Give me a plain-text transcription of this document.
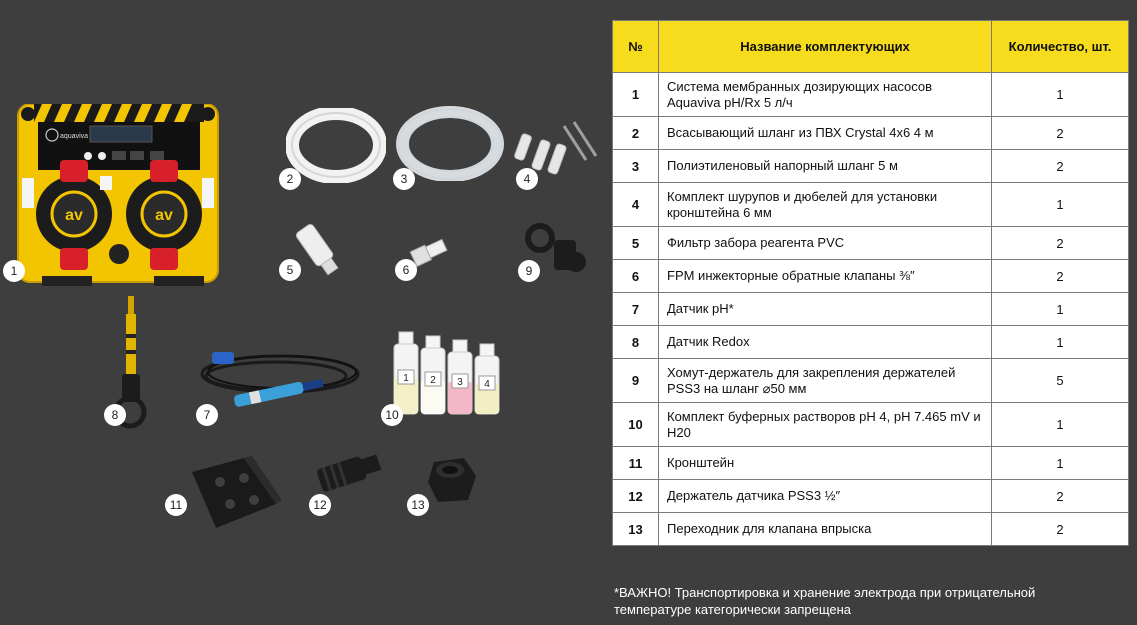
aquaviva
av	av
1
2	3	4
5	6	9
8	7
1 2 3 4
10
11	12	13
№	Название комплектующих	Количество, шт.
1	Система мембранных дозирующих насосов Aquaviva pH/Rx 5 л/ч	1
2	Всасывающий шланг из ПВХ Crystal 4х6 4 м	2
3	Полиэтиленовый напорный шланг 5 м	2
4	Комплект шурупов и дюбелей для установки кронштейна 6 мм	1
5	Фильтр забора реагента PVC	2
6	FPM инжекторные обратные клапаны ⅜″	2
7	Датчик pH*	1
8	Датчик Redox	1
9	Хомут-держатель для закрепления держателей PSS3 на шланг ⌀50 мм	5
10	Комплект буферных растворов pH 4, pH 7.465 mV и H20	1
11	Кронштейн	1
12	Держатель датчика PSS3 ½″	2
13	Переходник для клапана впрыска	2
*ВАЖНО! Транспортировка и хранение электрода при отрицательной температуре категорически запрещена
